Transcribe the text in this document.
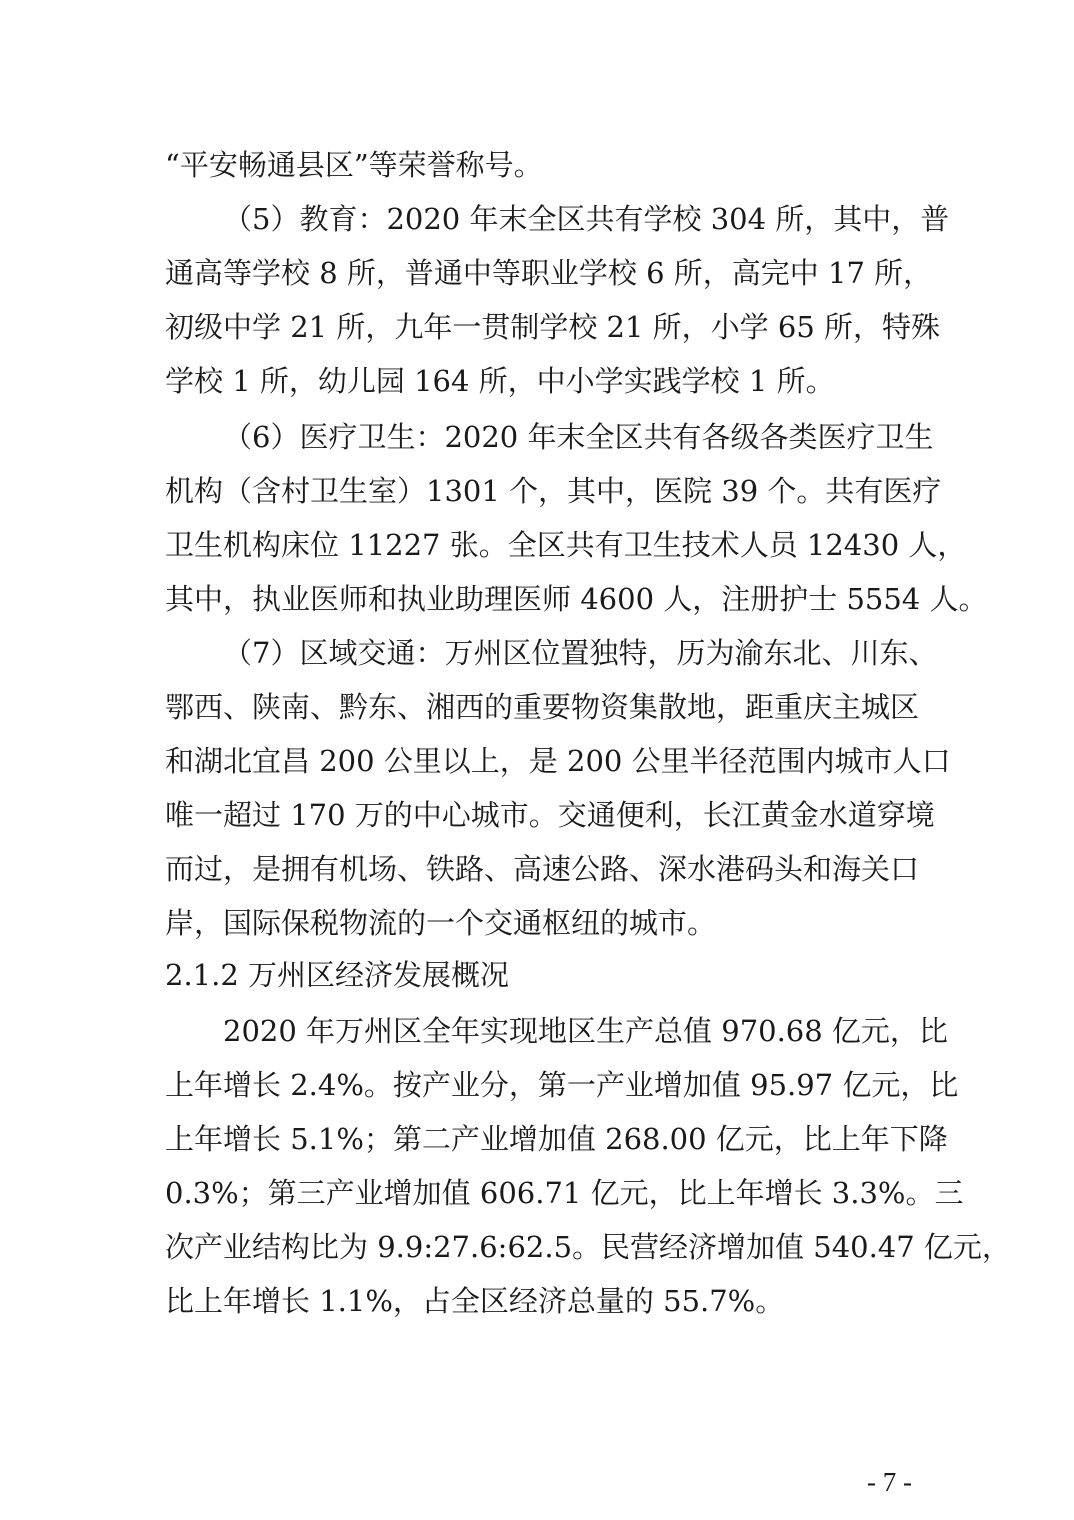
“平安畅通县区”等荣誉称号。
（5）教育：2020 年末全区共有学校 304 所，其中，普
通高等学校 8 所，普通中等职业学校 6 所，高完中 17 所，
初级中学 21 所，九年一贯制学校 21 所，小学 65 所，特殊
学校 1 所，幼儿园 164 所，中小学实践学校 1 所。
（6）医疗卫生：2020 年末全区共有各级各类医疗卫生
机构（含村卫生室）1301 个，其中，医院 39 个。共有医疗
卫生机构床位 11227 张。全区共有卫生技术人员 12430 人，
其中，执业医师和执业助理医师 4600 人，注册护士 5554 人。
（7）区域交通：万州区位置独特，历为渝东北、川东、
鄂西、陕南、黔东、湘西的重要物资集散地，距重庆主城区
和湖北宜昌 200 公里以上，是 200 公里半径范围内城市人口
唯一超过 170 万的中心城市。交通便利，长江黄金水道穿境
而过，是拥有机场、铁路、高速公路、深水港码头和海关口
岸，国际保税物流的一个交通枢纽的城市。
2.1.2 万州区经济发展概况
2020 年万州区全年实现地区生产总值 970.68 亿元，比
上年增长 2.4%。按产业分，第一产业增加值 95.97 亿元，比
上年增长 5.1%；第二产业增加值 268.00 亿元，比上年下降
0.3%；第三产业增加值 606.71 亿元，比上年增长 3.3%。三
次产业结构比为 9.9:27.6:62.5。民营经济增加值 540.47 亿元，
比上年增长 1.1%，占全区经济总量的 55.7%。
- 7 -
